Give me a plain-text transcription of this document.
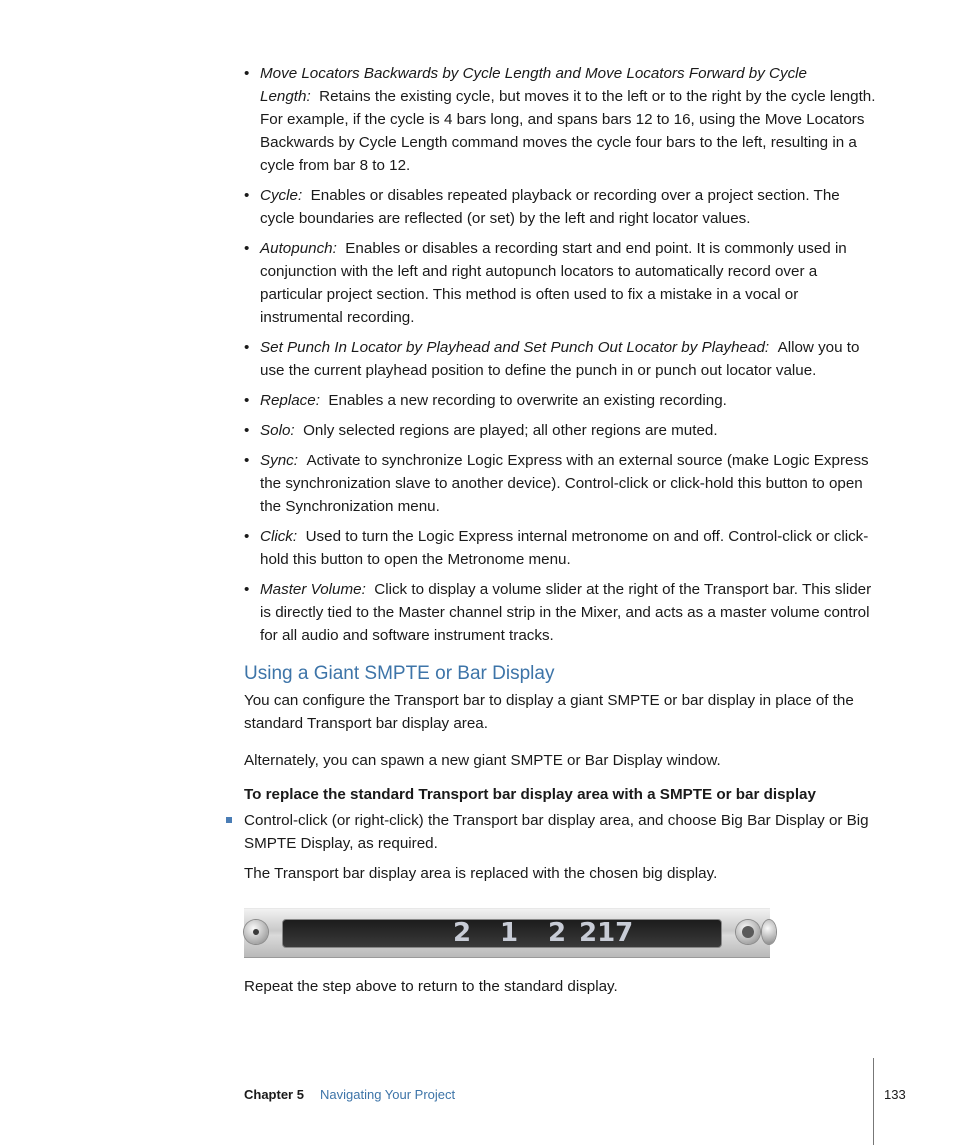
• Move Locators Backwards by Cycle Length and Move Locators Forward by Cycle Length: Retains the existing cycle, but moves it to the left or to the right by the cycle length. For example, if the cycle is 4 bars long, and spans bars 12 to 16, using the Move Locators Backwards by Cycle Length command moves the cycle four bars to the left, resulting in a cycle from bar 8 to 12.
• Cycle: Enables or disables repeated playback or recording over a project section. The cycle boundaries are reflected (or set) by the left and right locator values.
• Autopunch: Enables or disables a recording start and end point. It is commonly used in conjunction with the left and right autopunch locators to automatically record over a particular project section. This method is often used to fix a mistake in a vocal or instrumental recording.
• Set Punch In Locator by Playhead and Set Punch Out Locator by Playhead: Allow you to use the current playhead position to define the punch in or punch out locator value.
• Replace: Enables a new recording to overwrite an existing recording.
• Solo: Only selected regions are played; all other regions are muted.
• Sync: Activate to synchronize Logic Express with an external source (make Logic Express the synchronization slave to another device). Control-click or click-hold this button to open the Synchronization menu.
• Click: Used to turn the Logic Express internal metronome on and off. Control-click or click-hold this button to open the Metronome menu.
• Master Volume: Click to display a volume slider at the right of the Transport bar. This slider is directly tied to the Master channel strip in the Mixer, and acts as a master volume control for all audio and software instrument tracks.
Using a Giant SMPTE or Bar Display

You can configure the Transport bar to display a giant SMPTE or bar display in place of the standard Transport bar display area.

Alternately, you can spawn a new giant SMPTE or Bar Display window.

To replace the standard Transport bar display area with a SMPTE or bar display

Control-click (or right-click) the Transport bar display area, and choose Big Bar Display or Big SMPTE Display, as required.

The Transport bar display area is replaced with the chosen big display.

2 1 2 217

Repeat the step above to return to the standard display.

Chapter 5 Navigating Your Project	133
